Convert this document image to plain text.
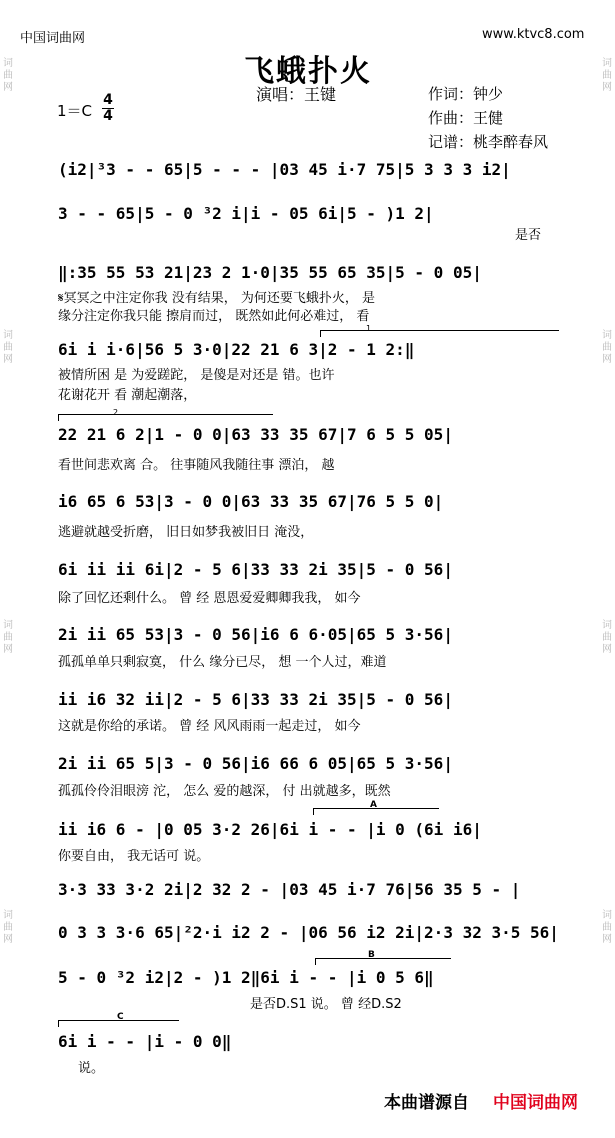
中国词曲网	www.ktvc8.com
飞蛾扑火
演唱：王键
1＝C
4
4
作词：钟少
作曲：王健
记谱：桃李醉春风
词曲网
词曲网
词曲网
词曲网
词曲网
词曲网
词曲网
词曲网
(i2|³3 - - 65|5 - - - |03 45 i·7 75|5 3 3 3 i2|
3 - - 65|5 - 0 ³2 i|i - 05 6i|5 - )1 2|
是否
‖:35 55 53 21|23 2 1·0|35 55 65 35|5 - 0 05|
𝄋冥冥之中注定你我 没有结果， 为何还要飞蛾扑火， 是
缘分注定你我只能 擦肩而过， 既然如此何必难过， 看
1
6i i i·6|56 5 3·0|22 21 6 3|2 - 1 2:‖
被情所困 是 为爱蹉跎， 是傻是对还是 错。也许
花谢花开 看 潮起潮落，
2
22 21 6 2|1 - 0 0|63 33 35 67|7 6 5 5 05|
看世间悲欢离 合。 往事随风我随往事 漂泊， 越
i6 65 6 53|3 - 0 0|63 33 35 67|76 5 5 0|
逃避就越受折磨， 旧日如梦我被旧日 淹没，
6i ii ii 6i|2 - 5 6|33 33 2i 35|5 - 0 56|
除了回忆还剩什么。 曾 经 恩恩爱爱卿卿我我， 如今
2i ii 65 53|3 - 0 56|i6 6 6·05|65 5 3·56|
孤孤单单只剩寂寞， 什么 缘分已尽， 想 一个人过，难道
ii i6 32 ii|2 - 5 6|33 33 2i 35|5 - 0 56|
这就是你给的承诺。 曾 经 风风雨雨一起走过， 如今
2i ii 65 5|3 - 0 56|i6 66 6 05|65 5 3·56|
孤孤伶伶泪眼滂 沱， 怎么 爱的越深， 付 出就越多，既然
A
ii i6 6 - |0 05 3·2 26|6i i - - |i 0 (6i i6|
你要自由， 我无话可 说。
3·3 33 3·2 2i|2 32 2 - |03 45 i·7 76|56 35 5 - |
0 3 3 3·6 65|²2·i i2 2 - |06 56 i2 2i|2·3 32 3·5 56|
B
5 - 0 ³2 i2|2 - )1 2‖6i i - - |i 0 5 6‖
是否D.S1 说。 曾 经D.S2
C
6i i - - |i - 0 0‖
说。
本曲谱源自 中国词曲网
